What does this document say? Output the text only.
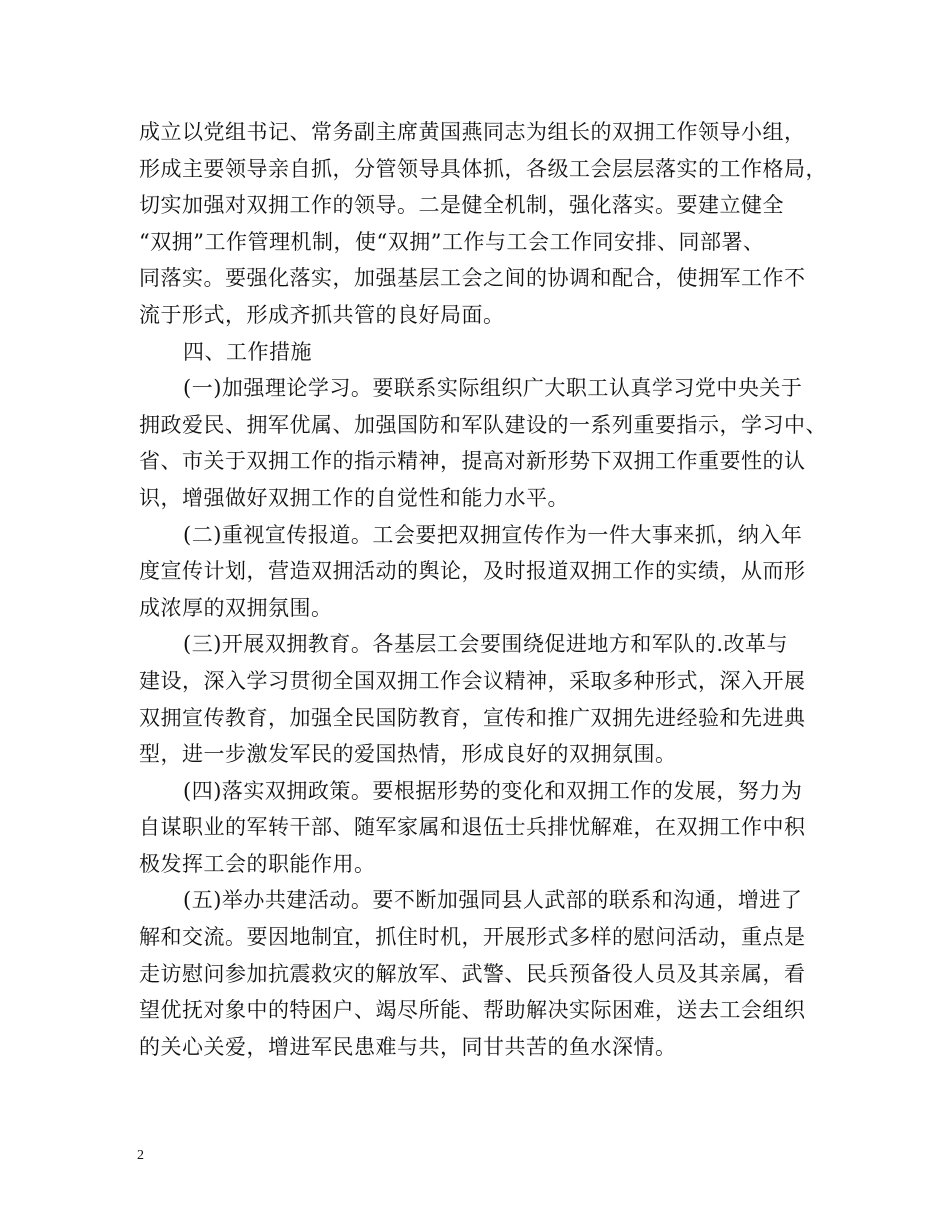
成立以党组书记、常务副主席黄国燕同志为组长的双拥工作领导小组，
形成主要领导亲自抓，分管领导具体抓，各级工会层层落实的工作格局，
切实加强对双拥工作的领导。二是健全机制，强化落实。要建立健全
“双拥”工作管理机制，使“双拥”工作与工会工作同安排、同部署、
同落实。要强化落实，加强基层工会之间的协调和配合，使拥军工作不
流于形式，形成齐抓共管的良好局面。
四、工作措施
(一)加强理论学习。要联系实际组织广大职工认真学习党中央关于
拥政爱民、拥军优属、加强国防和军队建设的一系列重要指示，学习中、
省、市关于双拥工作的指示精神，提高对新形势下双拥工作重要性的认
识，增强做好双拥工作的自觉性和能力水平。
(二)重视宣传报道。工会要把双拥宣传作为一件大事来抓，纳入年
度宣传计划，营造双拥活动的舆论，及时报道双拥工作的实绩，从而形
成浓厚的双拥氛围。
(三)开展双拥教育。各基层工会要围绕促进地方和军队的.改革与
建设，深入学习贯彻全国双拥工作会议精神，采取多种形式，深入开展
双拥宣传教育，加强全民国防教育，宣传和推广双拥先进经验和先进典
型，进一步激发军民的爱国热情，形成良好的双拥氛围。
(四)落实双拥政策。要根据形势的变化和双拥工作的发展，努力为
自谋职业的军转干部、随军家属和退伍士兵排忧解难，在双拥工作中积
极发挥工会的职能作用。
(五)举办共建活动。要不断加强同县人武部的联系和沟通，增进了
解和交流。要因地制宜，抓住时机，开展形式多样的慰问活动，重点是
走访慰问参加抗震救灾的解放军、武警、民兵预备役人员及其亲属，看
望优抚对象中的特困户、竭尽所能、帮助解决实际困难，送去工会组织
的关心关爱，增进军民患难与共，同甘共苦的鱼水深情。
2
